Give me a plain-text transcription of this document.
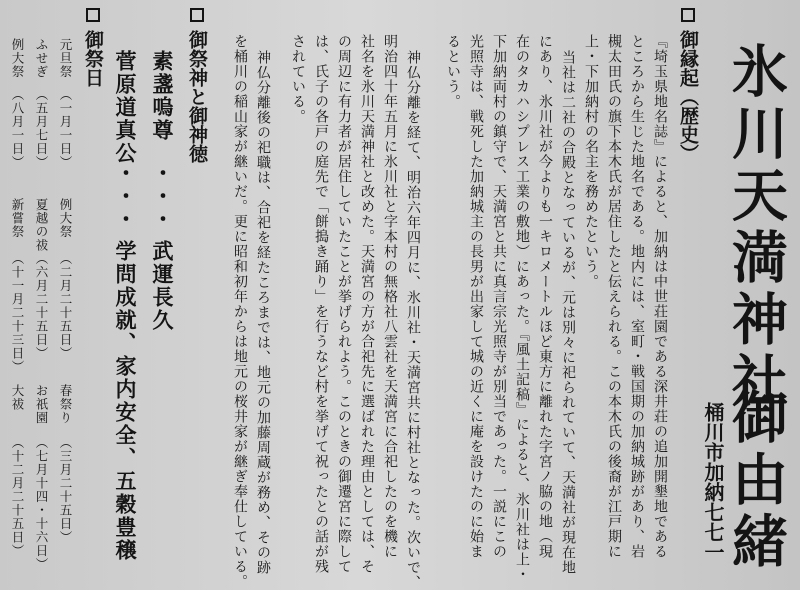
氷川天満神社
御由緒
桶川市加納七七一
御縁起（歴史）
『埼玉県地名誌』によると、加納は中世荘園である深井荘の追加開墾地である
ところから生じた地名である。地内には、室町・戦国期の加納城跡があり、岩
槻太田氏の旗下本木氏が居住したと伝えられる。この本木氏の後裔が江戸期に
上・下加納村の名主を務めたという。
当社は二社の合殿となっているが、元は別々に祀られていて、天満社が現在地
にあり、氷川社が今よりも一キロメートルほど東方に離れた字宮ノ脇の地（現
在のタカハシプレス工業の敷地）にあった。『風土記稿』によると、氷川社は上・
下加納両村の鎮守で、天満宮と共に真言宗光照寺が別当であった。一説にこの
光照寺は、戦死した加納城主の長男が出家して城の近くに庵を設けたのに始ま
るという。
神仏分離を経て、明治六年四月に、氷川社・天満宮共に村社となった。次いで、
明治四十年五月に氷川社と字本村の無格社八雲社を天満宮に合祀したのを機に
社名を氷川天満神社と改めた。天満宮の方が合祀先に選ばれた理由としては、そ
の周辺に有力者が居住していたことが挙げられよう。このときの御遷宮に際して
は、氏子の各戸の庭先で「餅搗き踊り」を行うなど村を挙げて祝ったとの話が残
されている。
神仏分離後の祀職は、合祀を経たころまでは、地元の加藤周蔵が務め、その跡
を桶川の稲山家が継いだ。更に昭和初年からは地元の桜井家が継ぎ奉仕している。
御祭神と御神徳
素盞嗚尊
・・・
武運長久
菅原道真公
・・・
学問成就、家内安全、五穀豊穣
御祭日
元旦祭
（一月一日）
ふせぎ
（五月七日）
例大祭
（八月一日）
新嘗祭
（十一月二十三日）
例大祭
（二月二十五日）
夏越の祓
（六月二十五日）
春祭り
（三月二十五日）
お祇園
（七月十四・十六日）
大祓
（十二月二十五日）
